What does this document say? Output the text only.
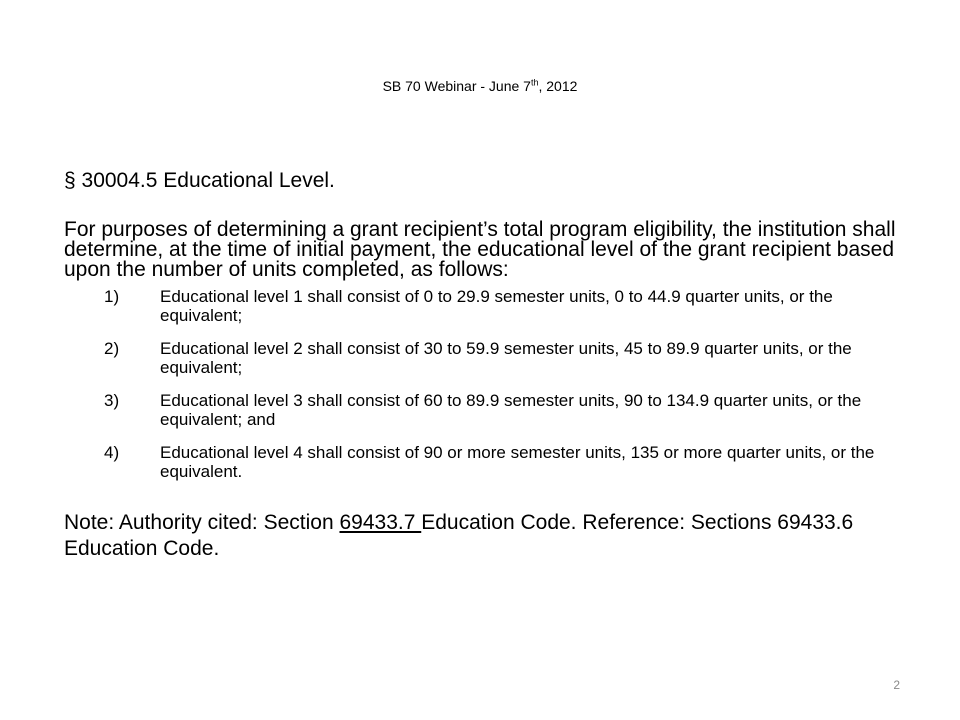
SB 70 Webinar - June 7th, 2012
§ 30004.5 Educational Level.
For purposes of determining a grant recipient’s total program eligibility, the institution shall determine, at the time of initial payment, the educational level of the grant recipient based upon the number of units completed, as follows:
1) Educational level 1 shall consist of 0 to 29.9 semester units, 0 to 44.9 quarter units, or the equivalent;
2) Educational level 2 shall consist of 30 to 59.9 semester units, 45 to 89.9 quarter units, or the equivalent;
3) Educational level 3 shall consist of 60 to 89.9 semester units, 90 to 134.9 quarter units, or the equivalent; and
4) Educational level 4 shall consist of 90 or more semester units, 135 or more quarter units, or the equivalent.
Note: Authority cited: Section 69433.7 Education Code. Reference: Sections 69433.6 Education Code.
2
